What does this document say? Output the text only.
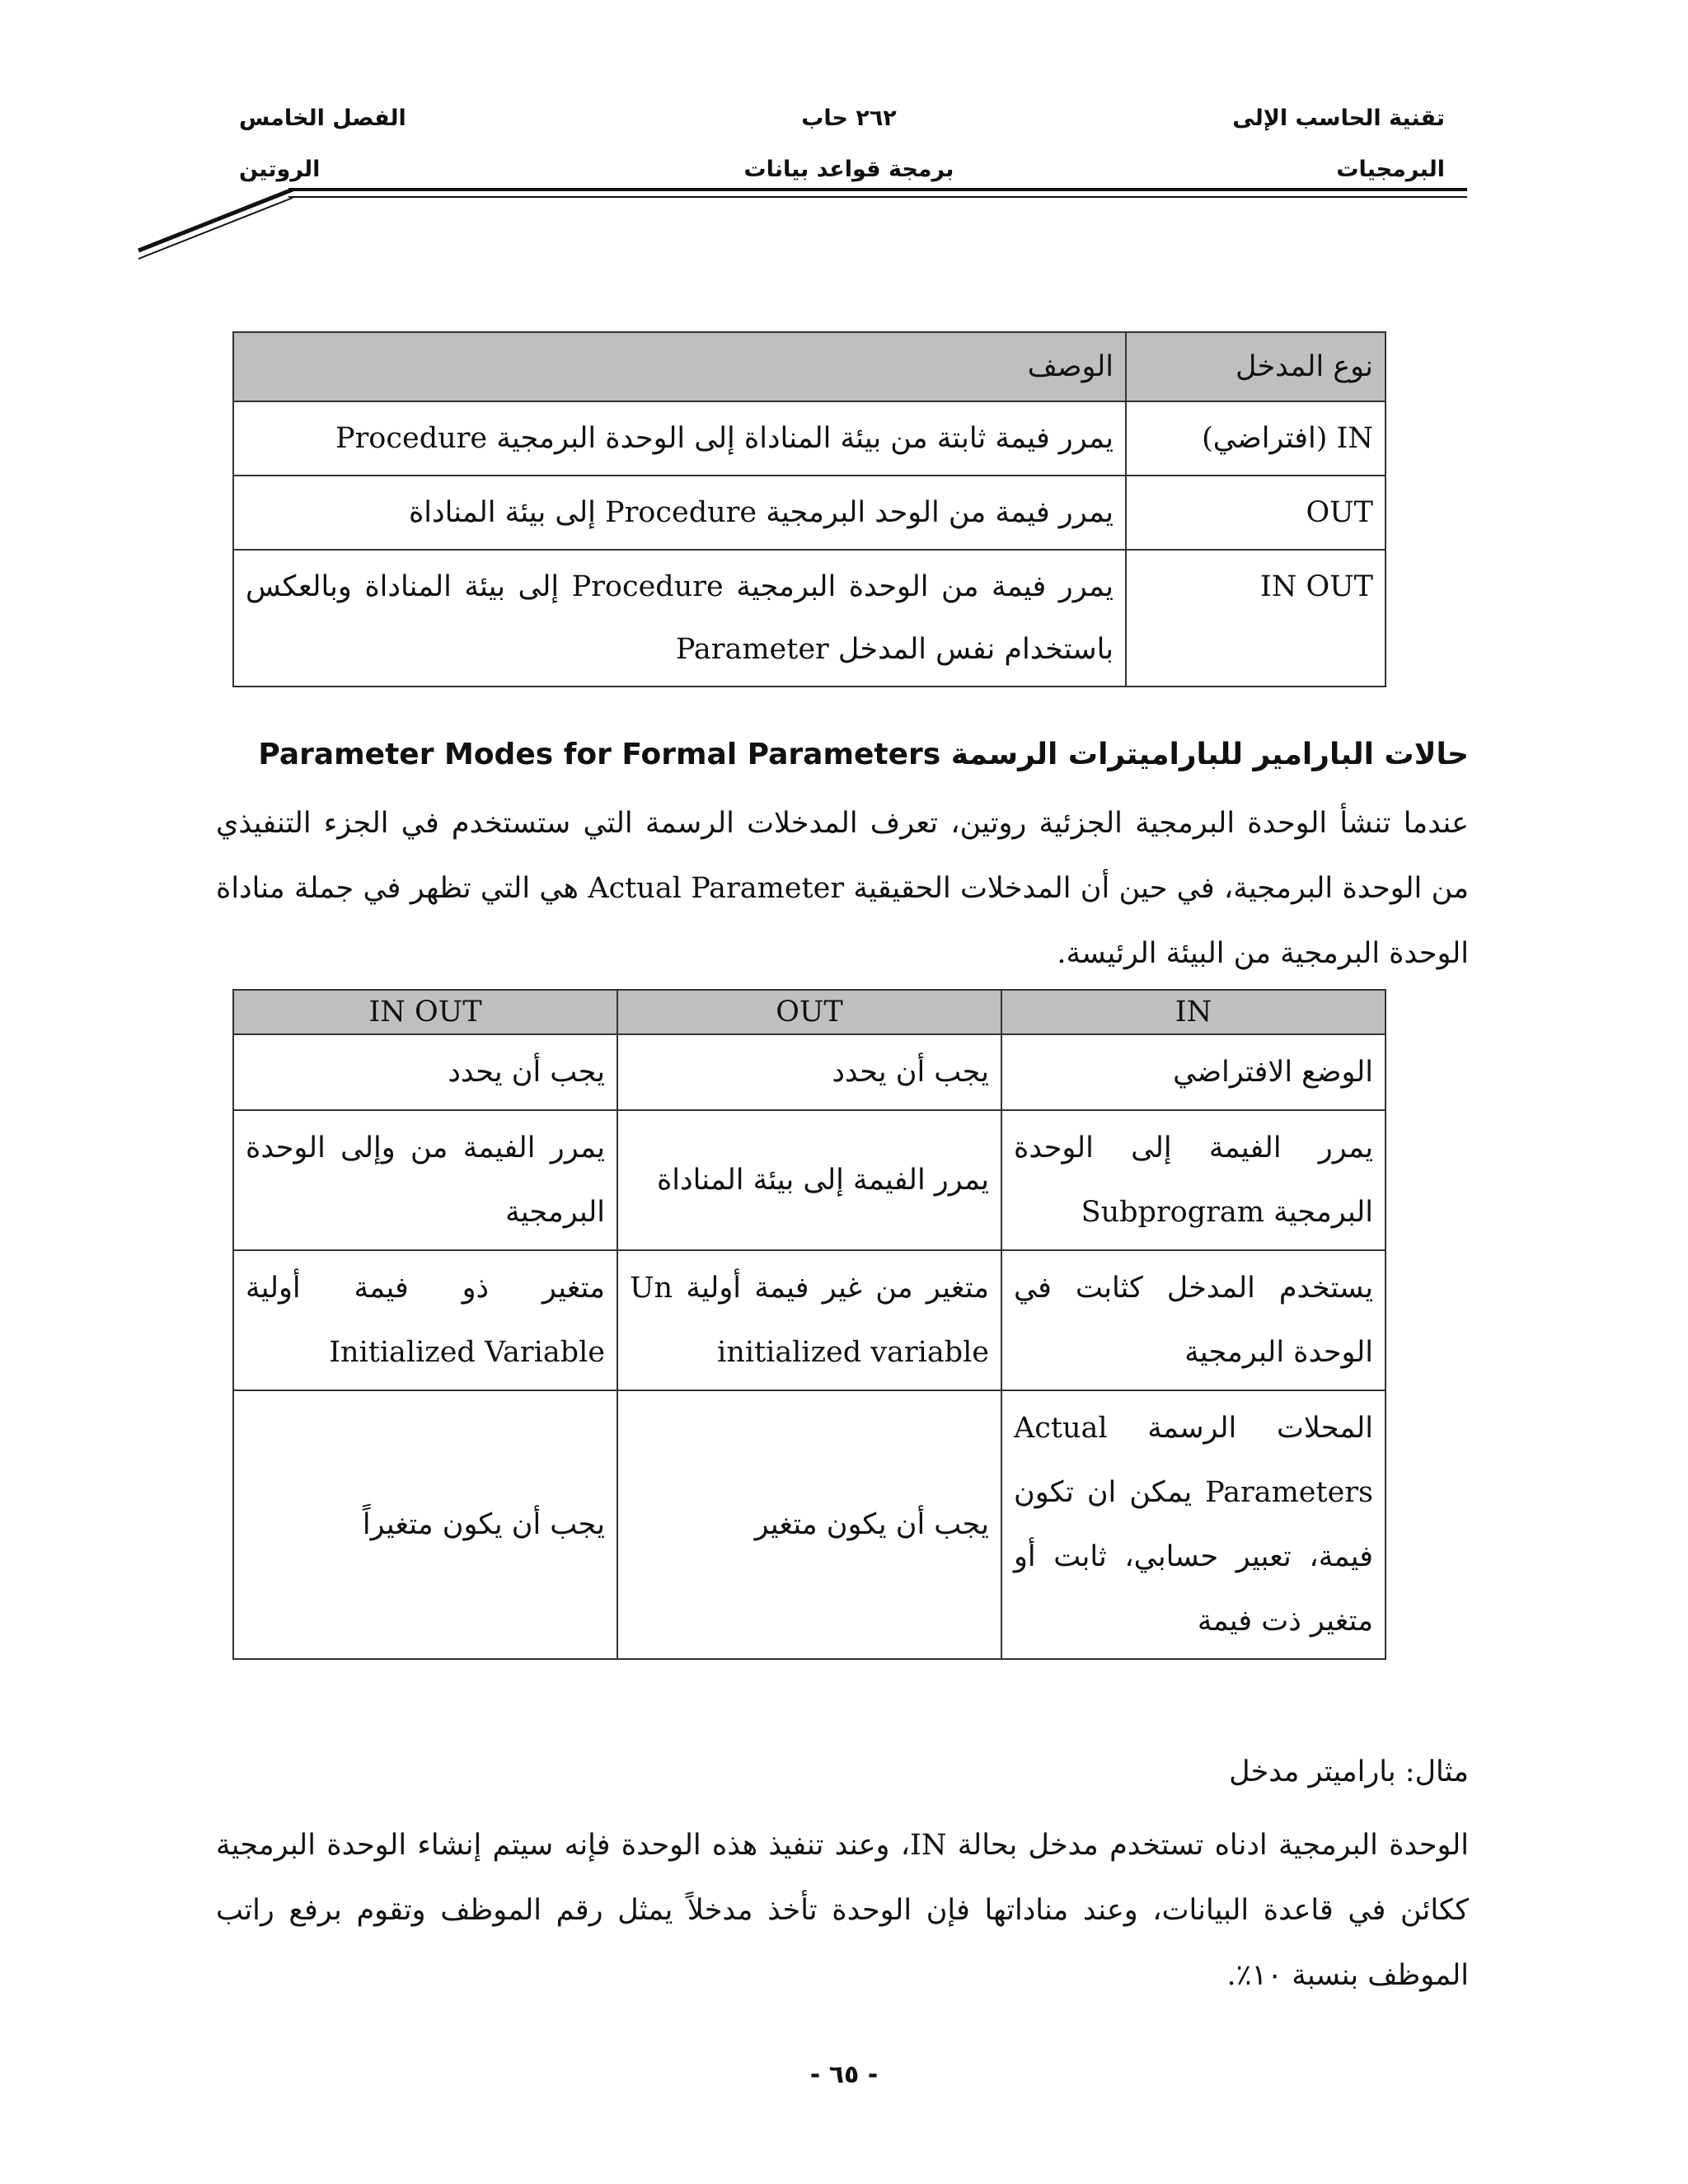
تقنية الحاسب الإلى
البرمجيات
٢٦٢ حاب
برمجة قواعد بيانات
الفصل الخامس
الروتين
نوع المدخل	الوصف
IN (افتراضي)	يمرر فيمة ثابتة من بيئة المناداة إلى الوحدة البرمجية Procedure
OUT	يمرر فيمة من الوحد البرمجية Procedure إلى بيئة المناداة
IN OUT	يمرر فيمة من الوحدة البرمجية Procedure إلى بيئة المناداة وبالعكس باستخدام نفس المدخل Parameter
حالات البارامير للباراميترات الرسمة Parameter Modes for Formal Parameters
عندما تنشأ الوحدة البرمجية الجزئية روتين، تعرف المدخلات الرسمة التي ستستخدم في الجزء التنفيذي من الوحدة البرمجية، في حين أن المدخلات الحقيقية Actual Parameter هي التي تظهر في جملة مناداة الوحدة البرمجية من البيئة الرئيسة.
IN	OUT	IN OUT
الوضع الافتراضي	يجب أن يحدد	يجب أن يحدد
يمرر الفيمة إلى الوحدة البرمجية Subprogram	يمرر الفيمة إلى بيئة المناداة	يمرر الفيمة من وإلى الوحدة البرمجية
يستخدم المدخل كثابت في الوحدة البرمجية	متغير من غير فيمة أولية Un initialized variable	متغير ذو فيمة أولية Initialized Variable
المحلات الرسمة Actual Parameters يمكن ان تكون فيمة، تعبير حسابي، ثابت أو متغير ذت فيمة	يجب أن يكون متغير	يجب أن يكون متغيراً
مثال: باراميتر مدخل
الوحدة البرمجية ادناه تستخدم مدخل بحالة IN، وعند تنفيذ هذه الوحدة فإنه سيتم إنشاء الوحدة البرمجية ككائن في قاعدة البيانات، وعند مناداتها فإن الوحدة تأخذ مدخلاً يمثل رقم الموظف وتقوم برفع راتب الموظف بنسبة ١٠٪.
- ٦٥ -
